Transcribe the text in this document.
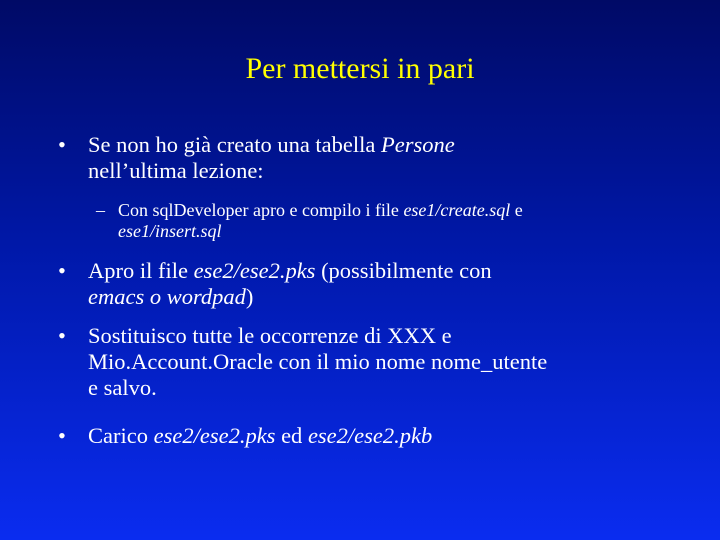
Per mettersi in pari
• Se non ho già creato una tabella Persone
nell’ultima lezione:
– Con sqlDeveloper apro e compilo i file ese1/create.sql e
ese1/insert.sql
• Apro il file ese2/ese2.pks (possibilmente con
emacs o wordpad)
• Sostituisco tutte le occorrenze di XXX e
Mio.Account.Oracle con il mio nome nome_utente
e salvo.
• Carico ese2/ese2.pks ed ese2/ese2.pkb
